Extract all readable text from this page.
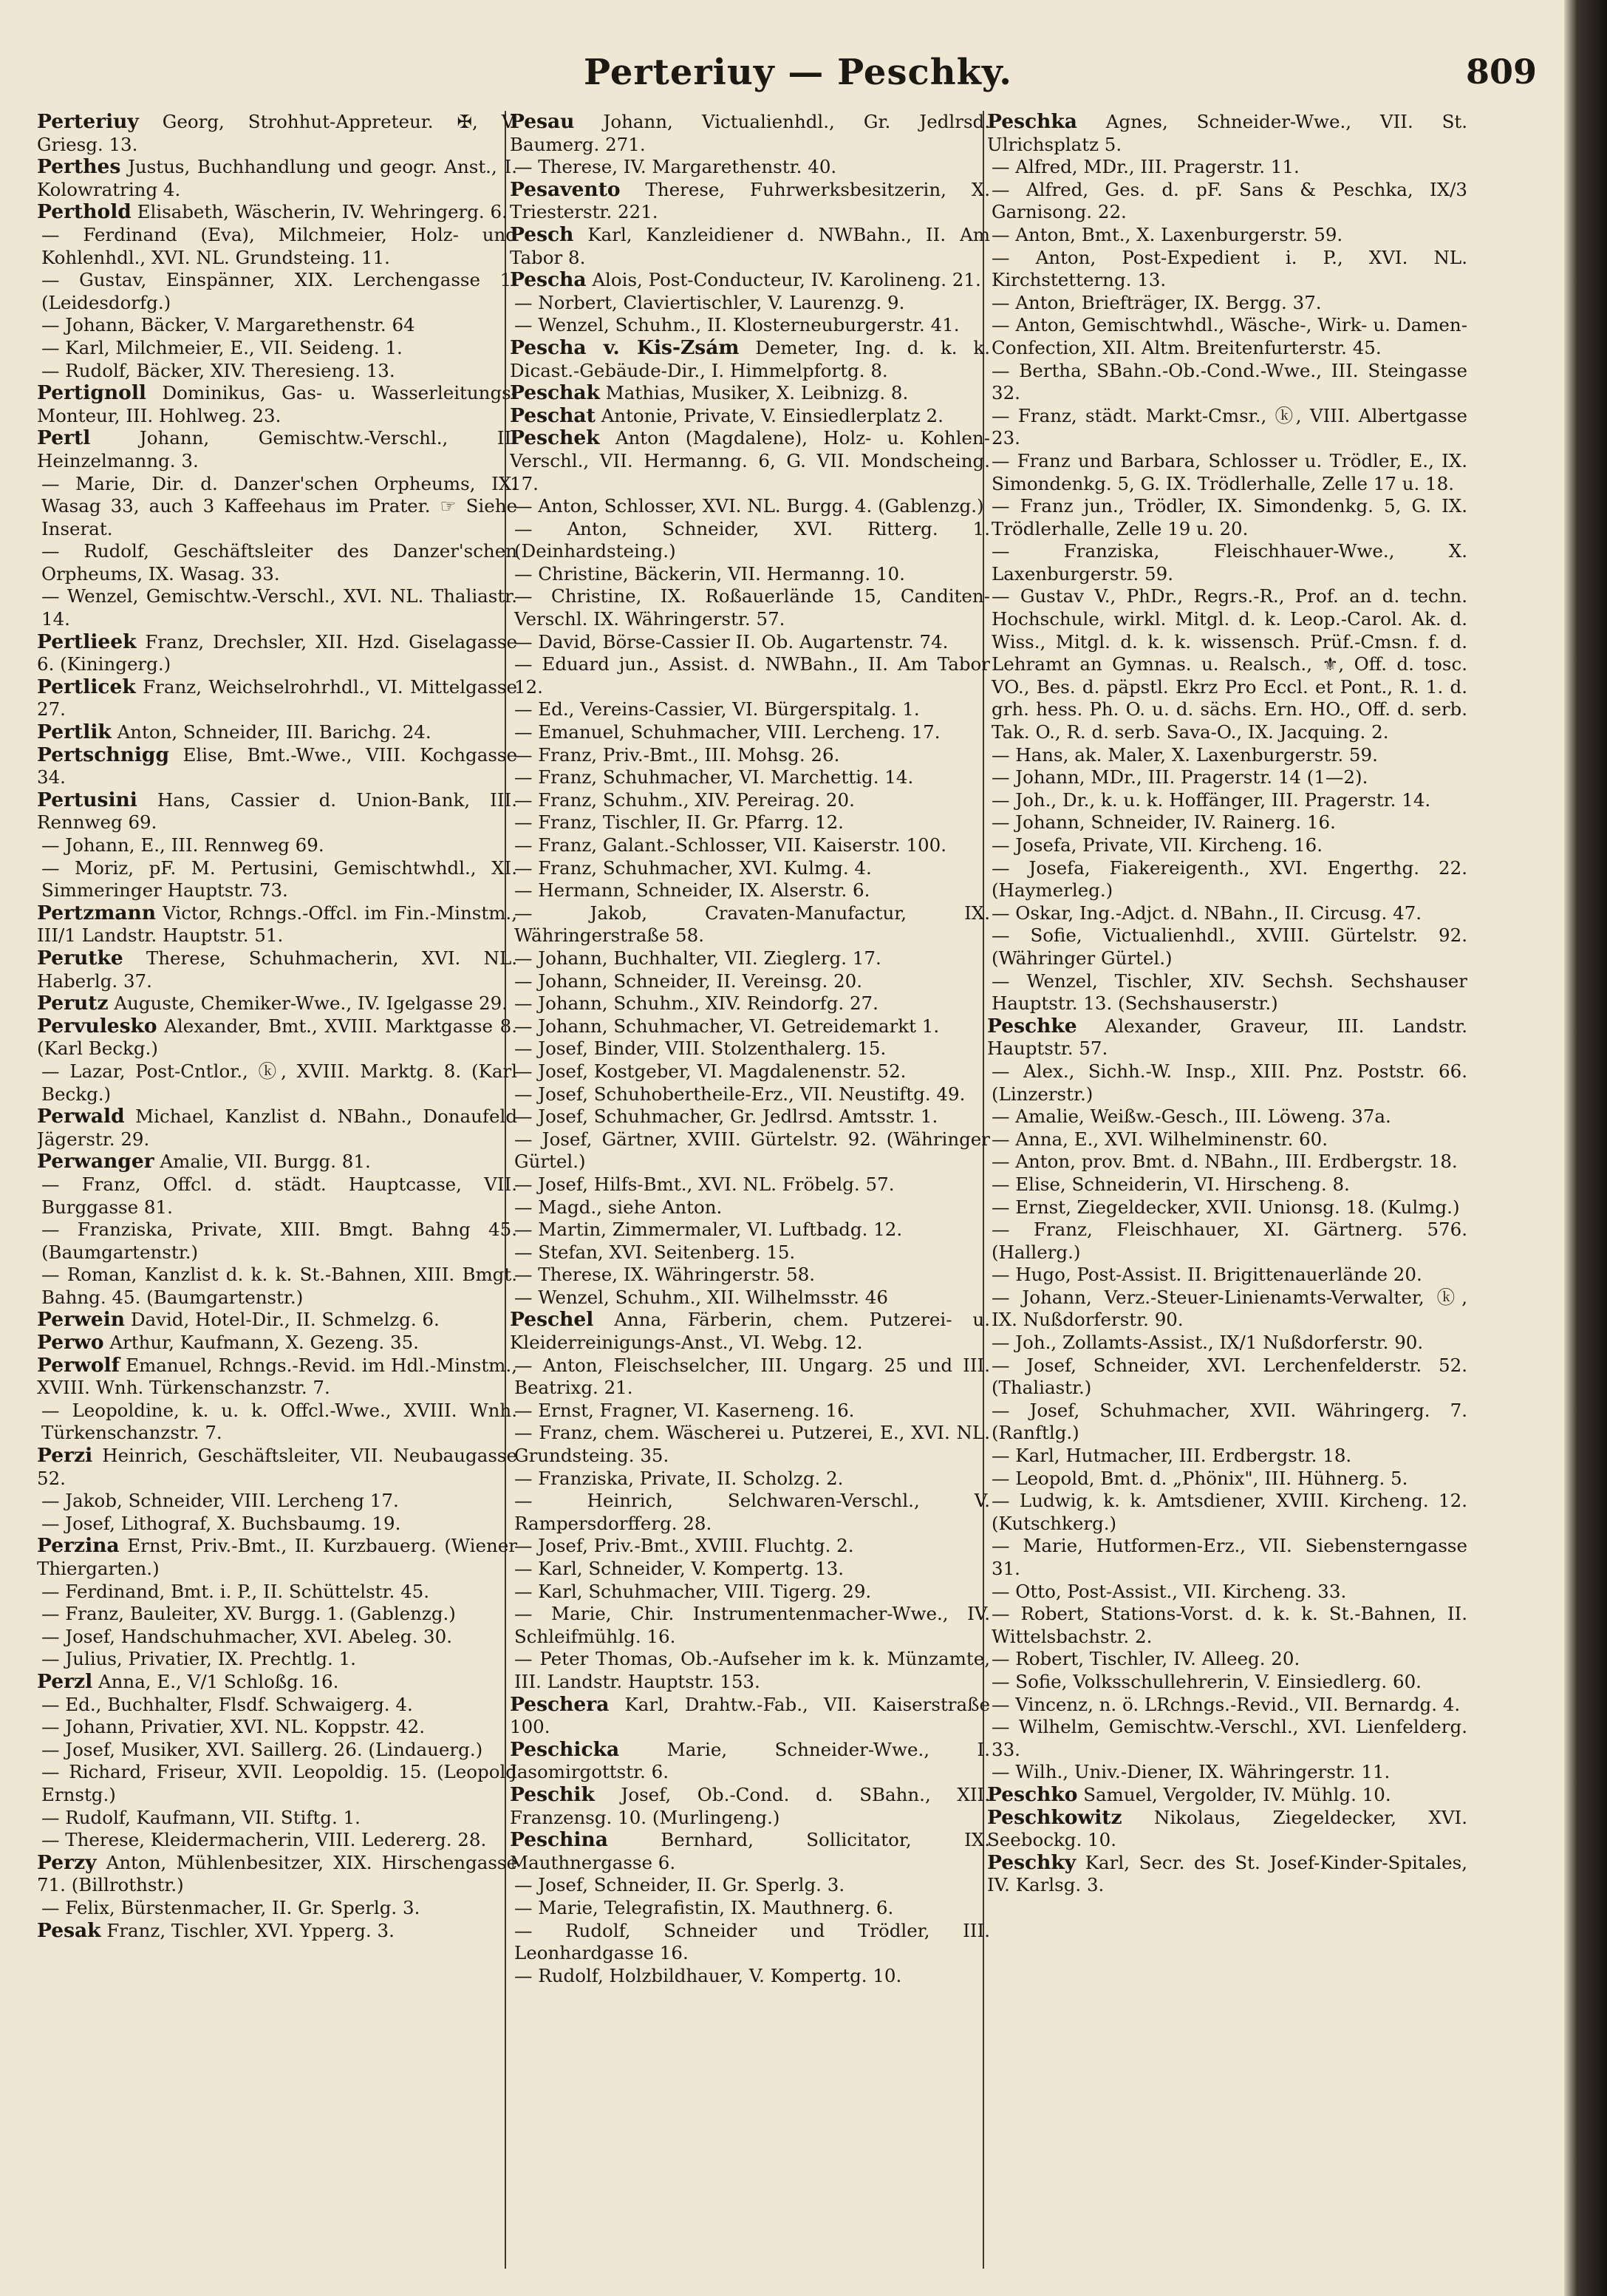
Perteriuy — Peschky.	809
Perteriuy Georg, Strohhut-Appreteur. ✠, V. Griesg. 13.
Perthes Justus, Buchhandlung und geogr. Anst., I. Kolowratring 4.
Perthold Elisabeth, Wäscherin, IV. Wehringerg. 6.
— Ferdinand (Eva), Milchmeier, Holz- und Kohlenhdl., XVI. NL. Grundsteing. 11.
— Gustav, Einspänner, XIX. Lerchengasse 1. (Leidesdorfg.)
— Johann, Bäcker, V. Margarethenstr. 64
— Karl, Milchmeier, E., VII. Seideng. 1.
— Rudolf, Bäcker, XIV. Theresieng. 13.
Pertignoll Dominikus, Gas- u. Wasserleitungs-Monteur, III. Hohlweg. 23.
Pertl Johann, Gemischtw.-Verschl., II. Heinzelmanng. 3.
— Marie, Dir. d. Danzer'schen Orpheums, IX. Wasag 33, auch 3 Kaffeehaus im Prater. ☞ Siehe Inserat.
— Rudolf, Geschäftsleiter des Danzer'schen Orpheums, IX. Wasag. 33.
— Wenzel, Gemischtw.-Verschl., XVI. NL. Thaliastr. 14.
Pertlieek Franz, Drechsler, XII. Hzd. Giselagasse 6. (Kiningerg.)
Pertlicek Franz, Weichselrohrhdl., VI. Mittelgasse 27.
Pertlik Anton, Schneider, III. Barichg. 24.
Pertschnigg Elise, Bmt.-Wwe., VIII. Kochgasse 34.
Pertusini Hans, Cassier d. Union-Bank, III. Rennweg 69.
— Johann, E., III. Rennweg 69.
— Moriz, pF. M. Pertusini, Gemischtwhdl., XI. Simmeringer Hauptstr. 73.
Pertzmann Victor, Rchngs.-Offcl. im Fin.-Minstm., III/1 Landstr. Hauptstr. 51.
Perutke Therese, Schuhmacherin, XVI. NL. Haberlg. 37.
Perutz Auguste, Chemiker-Wwe., IV. Igelgasse 29.
Pervulesko Alexander, Bmt., XVIII. Marktgasse 8. (Karl Beckg.)
— Lazar, Post-Cntlor., ⓚ, XVIII. Marktg. 8. (Karl Beckg.)
Perwald Michael, Kanzlist d. NBahn., Donaufeld Jägerstr. 29.
Perwanger Amalie, VII. Burgg. 81.
— Franz, Offcl. d. städt. Hauptcasse, VII. Burggasse 81.
— Franziska, Private, XIII. Bmgt. Bahng 45. (Baumgartenstr.)
— Roman, Kanzlist d. k. k. St.-Bahnen, XIII. Bmgt. Bahng. 45. (Baumgartenstr.)
Perwein David, Hotel-Dir., II. Schmelzg. 6.
Perwo Arthur, Kaufmann, X. Gezeng. 35.
Perwolf Emanuel, Rchngs.-Revid. im Hdl.-Minstm., XVIII. Wnh. Türkenschanzstr. 7.
— Leopoldine, k. u. k. Offcl.-Wwe., XVIII. Wnh. Türkenschanzstr. 7.
Perzi Heinrich, Geschäftsleiter, VII. Neubaugasse 52.
— Jakob, Schneider, VIII. Lercheng 17.
— Josef, Lithograf, X. Buchsbaumg. 19.
Perzina Ernst, Priv.-Bmt., II. Kurzbauerg. (Wiener Thiergarten.)
— Ferdinand, Bmt. i. P., II. Schüttelstr. 45.
— Franz, Bauleiter, XV. Burgg. 1. (Gablenzg.)
— Josef, Handschuhmacher, XVI. Abeleg. 30.
— Julius, Privatier, IX. Prechtlg. 1.
Perzl Anna, E., V/1 Schloßg. 16.
— Ed., Buchhalter, Flsdf. Schwaigerg. 4.
— Johann, Privatier, XVI. NL. Koppstr. 42.
— Josef, Musiker, XVI. Saillerg. 26. (Lindauerg.)
— Richard, Friseur, XVII. Leopoldig. 15. (Leopold Ernstg.)
— Rudolf, Kaufmann, VII. Stiftg. 1.
— Therese, Kleidermacherin, VIII. Ledererg. 28.
Perzy Anton, Mühlenbesitzer, XIX. Hirschengasse 71. (Billrothstr.)
— Felix, Bürstenmacher, II. Gr. Sperlg. 3.
Pesak Franz, Tischler, XVI. Ypperg. 3.
Pesau Johann, Victualienhdl., Gr. Jedlrsd. Baumerg. 271.
— Therese, IV. Margarethenstr. 40.
Pesavento Therese, Fuhrwerksbesitzerin, X. Triesterstr. 221.
Pesch Karl, Kanzleidiener d. NWBahn., II. Am Tabor 8.
Pescha Alois, Post-Conducteur, IV. Karolineng. 21.
— Norbert, Claviertischler, V. Laurenzg. 9.
— Wenzel, Schuhm., II. Klosterneuburgerstr. 41.
Pescha v. Kis-Zsám Demeter, Ing. d. k. k. Dicast.-Gebäude-Dir., I. Himmelpfortg. 8.
Peschak Mathias, Musiker, X. Leibnizg. 8.
Peschat Antonie, Private, V. Einsiedlerplatz 2.
Peschek Anton (Magdalene), Holz- u. Kohlen-Verschl., VII. Hermanng. 6, G. VII. Mondscheing. 17.
— Anton, Schlosser, XVI. NL. Burgg. 4. (Gablenzg.)
— Anton, Schneider, XVI. Ritterg. 1. (Deinhardsteing.)
— Christine, Bäckerin, VII. Hermanng. 10.
— Christine, IX. Roßauerlände 15, Canditen-Verschl. IX. Währingerstr. 57.
— David, Börse-Cassier II. Ob. Augartenstr. 74.
— Eduard jun., Assist. d. NWBahn., II. Am Tabor 12.
— Ed., Vereins-Cassier, VI. Bürgerspitalg. 1.
— Emanuel, Schuhmacher, VIII. Lercheng. 17.
— Franz, Priv.-Bmt., III. Mohsg. 26.
— Franz, Schuhmacher, VI. Marchettig. 14.
— Franz, Schuhm., XIV. Pereirag. 20.
— Franz, Tischler, II. Gr. Pfarrg. 12.
— Franz, Galant.-Schlosser, VII. Kaiserstr. 100.
— Franz, Schuhmacher, XVI. Kulmg. 4.
— Hermann, Schneider, IX. Alserstr. 6.
— Jakob, Cravaten-Manufactur, IX. Währingerstraße 58.
— Johann, Buchhalter, VII. Zieglerg. 17.
— Johann, Schneider, II. Vereinsg. 20.
— Johann, Schuhm., XIV. Reindorfg. 27.
— Johann, Schuhmacher, VI. Getreidemarkt 1.
— Josef, Binder, VIII. Stolzenthalerg. 15.
— Josef, Kostgeber, VI. Magdalenenstr. 52.
— Josef, Schuhobertheile-Erz., VII. Neustiftg. 49.
— Josef, Schuhmacher, Gr. Jedlrsd. Amtsstr. 1.
— Josef, Gärtner, XVIII. Gürtelstr. 92. (Währinger Gürtel.)
— Josef, Hilfs-Bmt., XVI. NL. Fröbelg. 57.
— Magd., siehe Anton.
— Martin, Zimmermaler, VI. Luftbadg. 12.
— Stefan, XVI. Seitenberg. 15.
— Therese, IX. Währingerstr. 58.
— Wenzel, Schuhm., XII. Wilhelmsstr. 46
Peschel Anna, Färberin, chem. Putzerei- u. Kleiderreinigungs-Anst., VI. Webg. 12.
— Anton, Fleischselcher, III. Ungarg. 25 und III. Beatrixg. 21.
— Ernst, Fragner, VI. Kaserneng. 16.
— Franz, chem. Wäscherei u. Putzerei, E., XVI. NL. Grundsteing. 35.
— Franziska, Private, II. Scholzg. 2.
— Heinrich, Selchwaren-Verschl., V. Rampersdorfferg. 28.
— Josef, Priv.-Bmt., XVIII. Fluchtg. 2.
— Karl, Schneider, V. Kompertg. 13.
— Karl, Schuhmacher, VIII. Tigerg. 29.
— Marie, Chir. Instrumentenmacher-Wwe., IV. Schleifmühlg. 16.
— Peter Thomas, Ob.-Aufseher im k. k. Münzamte, III. Landstr. Hauptstr. 153.
Peschera Karl, Drahtw.-Fab., VII. Kaiserstraße 100.
Peschicka Marie, Schneider-Wwe., I. Jasomirgottstr. 6.
Peschik Josef, Ob.-Cond. d. SBahn., XII. Franzensg. 10. (Murlingeng.)
Peschina Bernhard, Sollicitator, IX. Mauthnergasse 6.
— Josef, Schneider, II. Gr. Sperlg. 3.
— Marie, Telegrafistin, IX. Mauthnerg. 6.
— Rudolf, Schneider und Trödler, III. Leonhardgasse 16.
— Rudolf, Holzbildhauer, V. Kompertg. 10.
Peschka Agnes, Schneider-Wwe., VII. St. Ulrichsplatz 5.
— Alfred, MDr., III. Pragerstr. 11.
— Alfred, Ges. d. pF. Sans & Peschka, IX/3 Garnisong. 22.
— Anton, Bmt., X. Laxenburgerstr. 59.
— Anton, Post-Expedient i. P., XVI. NL. Kirchstetterng. 13.
— Anton, Briefträger, IX. Bergg. 37.
— Anton, Gemischtwhdl., Wäsche-, Wirk- u. Damen-Confection, XII. Altm. Breitenfurterstr. 45.
— Bertha, SBahn.-Ob.-Cond.-Wwe., III. Steingasse 32.
— Franz, städt. Markt-Cmsr., ⓚ, VIII. Albertgasse 23.
— Franz und Barbara, Schlosser u. Trödler, E., IX. Simondenkg. 5, G. IX. Trödlerhalle, Zelle 17 u. 18.
— Franz jun., Trödler, IX. Simondenkg. 5, G. IX. Trödlerhalle, Zelle 19 u. 20.
— Franziska, Fleischhauer-Wwe., X. Laxenburgerstr. 59.
— Gustav V., PhDr., Regrs.-R., Prof. an d. techn. Hochschule, wirkl. Mitgl. d. k. Leop.-Carol. Ak. d. Wiss., Mitgl. d. k. k. wissensch. Prüf.-Cmsn. f. d. Lehramt an Gymnas. u. Realsch., ⚜, Off. d. tosc. VO., Bes. d. päpstl. Ekrz Pro Eccl. et Pont., R. 1. d. grh. hess. Ph. O. u. d. sächs. Ern. HO., Off. d. serb. Tak. O., R. d. serb. Sava-O., IX. Jacquing. 2.
— Hans, ak. Maler, X. Laxenburgerstr. 59.
— Johann, MDr., III. Pragerstr. 14 (1—2).
— Joh., Dr., k. u. k. Hoffänger, III. Pragerstr. 14.
— Johann, Schneider, IV. Rainerg. 16.
— Josefa, Private, VII. Kircheng. 16.
— Josefa, Fiakereigenth., XVI. Engerthg. 22. (Haymerleg.)
— Oskar, Ing.-Adjct. d. NBahn., II. Circusg. 47.
— Sofie, Victualienhdl., XVIII. Gürtelstr. 92. (Währinger Gürtel.)
— Wenzel, Tischler, XIV. Sechsh. Sechshauser Hauptstr. 13. (Sechshauserstr.)
Peschke Alexander, Graveur, III. Landstr. Hauptstr. 57.
— Alex., Sichh.-W. Insp., XIII. Pnz. Poststr. 66. (Linzerstr.)
— Amalie, Weißw.-Gesch., III. Löweng. 37a.
— Anna, E., XVI. Wilhelminenstr. 60.
— Anton, prov. Bmt. d. NBahn., III. Erdbergstr. 18.
— Elise, Schneiderin, VI. Hirscheng. 8.
— Ernst, Ziegeldecker, XVII. Unionsg. 18. (Kulmg.)
— Franz, Fleischhauer, XI. Gärtnerg. 576. (Hallerg.)
— Hugo, Post-Assist. II. Brigittenauerlände 20.
— Johann, Verz.-Steuer-Linienamts-Verwalter, ⓚ, IX. Nußdorferstr. 90.
— Joh., Zollamts-Assist., IX/1 Nußdorferstr. 90.
— Josef, Schneider, XVI. Lerchenfelderstr. 52. (Thaliastr.)
— Josef, Schuhmacher, XVII. Währingerg. 7. (Ranftlg.)
— Karl, Hutmacher, III. Erdbergstr. 18.
— Leopold, Bmt. d. „Phönix", III. Hühnerg. 5.
— Ludwig, k. k. Amtsdiener, XVIII. Kircheng. 12. (Kutschkerg.)
— Marie, Hutformen-Erz., VII. Siebensterngasse 31.
— Otto, Post-Assist., VII. Kircheng. 33.
— Robert, Stations-Vorst. d. k. k. St.-Bahnen, II. Wittelsbachstr. 2.
— Robert, Tischler, IV. Alleeg. 20.
— Sofie, Volksschullehrerin, V. Einsiedlerg. 60.
— Vincenz, n. ö. LRchngs.-Revid., VII. Bernardg. 4.
— Wilhelm, Gemischtw.-Verschl., XVI. Lienfelderg. 33.
— Wilh., Univ.-Diener, IX. Währingerstr. 11.
Peschko Samuel, Vergolder, IV. Mühlg. 10.
Peschkowitz Nikolaus, Ziegeldecker, XVI. Seebockg. 10.
Peschky Karl, Secr. des St. Josef-Kinder-Spitales, IV. Karlsg. 3.
